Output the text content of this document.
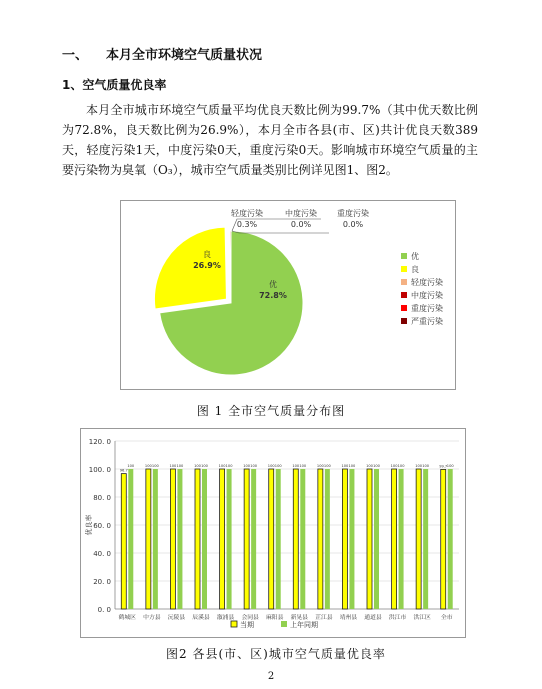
一、 本月全市环境空气质量状况
1、空气质量优良率

本月全市城市环境空气质量平均优良天数比例为99.7%（其中优天数比例为72.8%，良天数比例为26.9%），本月全市各县(市、区)共计优良天数389天，轻度污染1天，中度污染0天，重度污染0天。影响城市环境空气质量的主要污染物为臭氧（O₃），城市空气质量类别比例详见图1、图2。

优
72.8%
良
26.9%
轻度污染
0.3%
中度污染
0.0%
重度污染
0.0%
优
良
轻度污染
中度污染
重度污染
严重污染
图 1 全市空气质量分布图
0. 0
20. 0
40. 0
60. 0
80. 0
100. 0
120. 0
优良率
96.7
100
鹤城区
100 100
中方县
100 100
沅陵县
100 100
辰溪县
100 100
溆浦县
100 100
会同县
100 100
麻阳县
100 100
新晃县
100 100
芷江县
100 100
靖州县
100 100
通道县
100 100
洪江市
100 100
洪江区
99.7 100
全市
当期	上年同期
图2 各县(市、区)城市空气质量优良率
2
